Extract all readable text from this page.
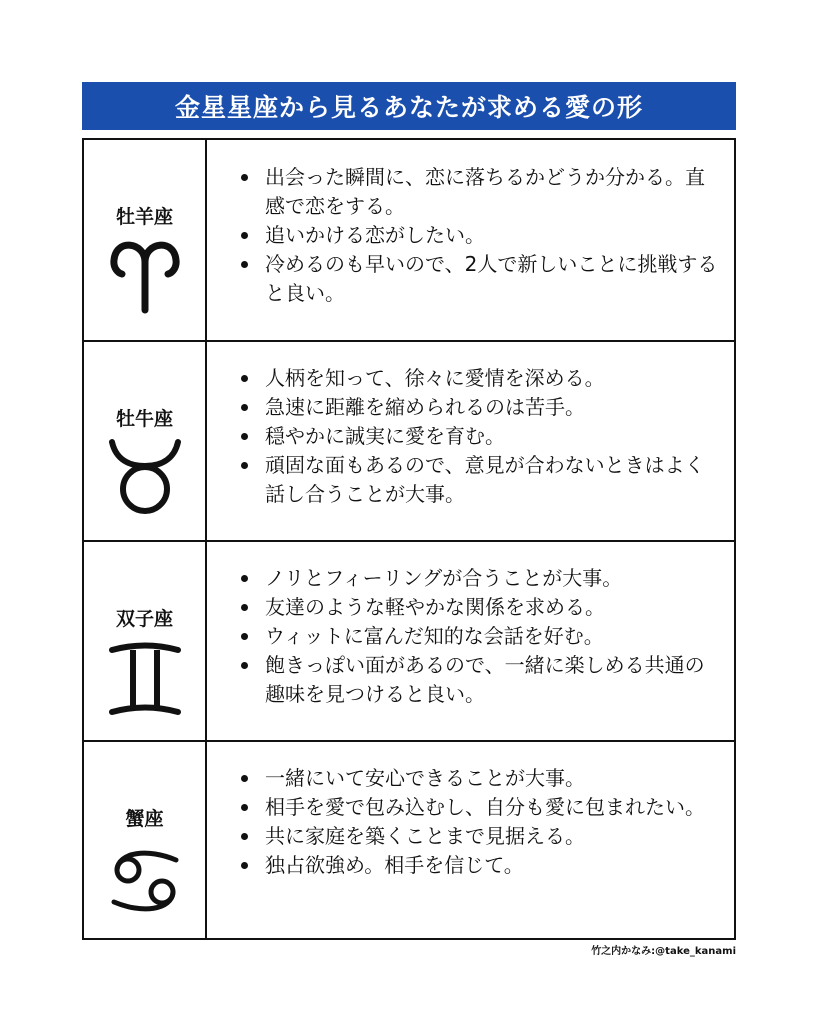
金星星座から見るあなたが求める愛の形
牡羊座
出会った瞬間に、恋に落ちるかどうか分かる。直感で恋をする。
追いかける恋がしたい。
冷めるのも早いので、2人で新しいことに挑戦すると良い。
牡牛座
人柄を知って、徐々に愛情を深める。
急速に距離を縮められるのは苦手。
穏やかに誠実に愛を育む。
頑固な面もあるので、意見が合わないときはよく話し合うことが大事。
双子座
ノリとフィーリングが合うことが大事。
友達のような軽やかな関係を求める。
ウィットに富んだ知的な会話を好む。
飽きっぽい面があるので、一緒に楽しめる共通の趣味を見つけると良い。
蟹座
一緒にいて安心できることが大事。
相手を愛で包み込むし、自分も愛に包まれたい。
共に家庭を築くことまで見据える。
独占欲強め。相手を信じて。
竹之内かなみ:@take_kanami
